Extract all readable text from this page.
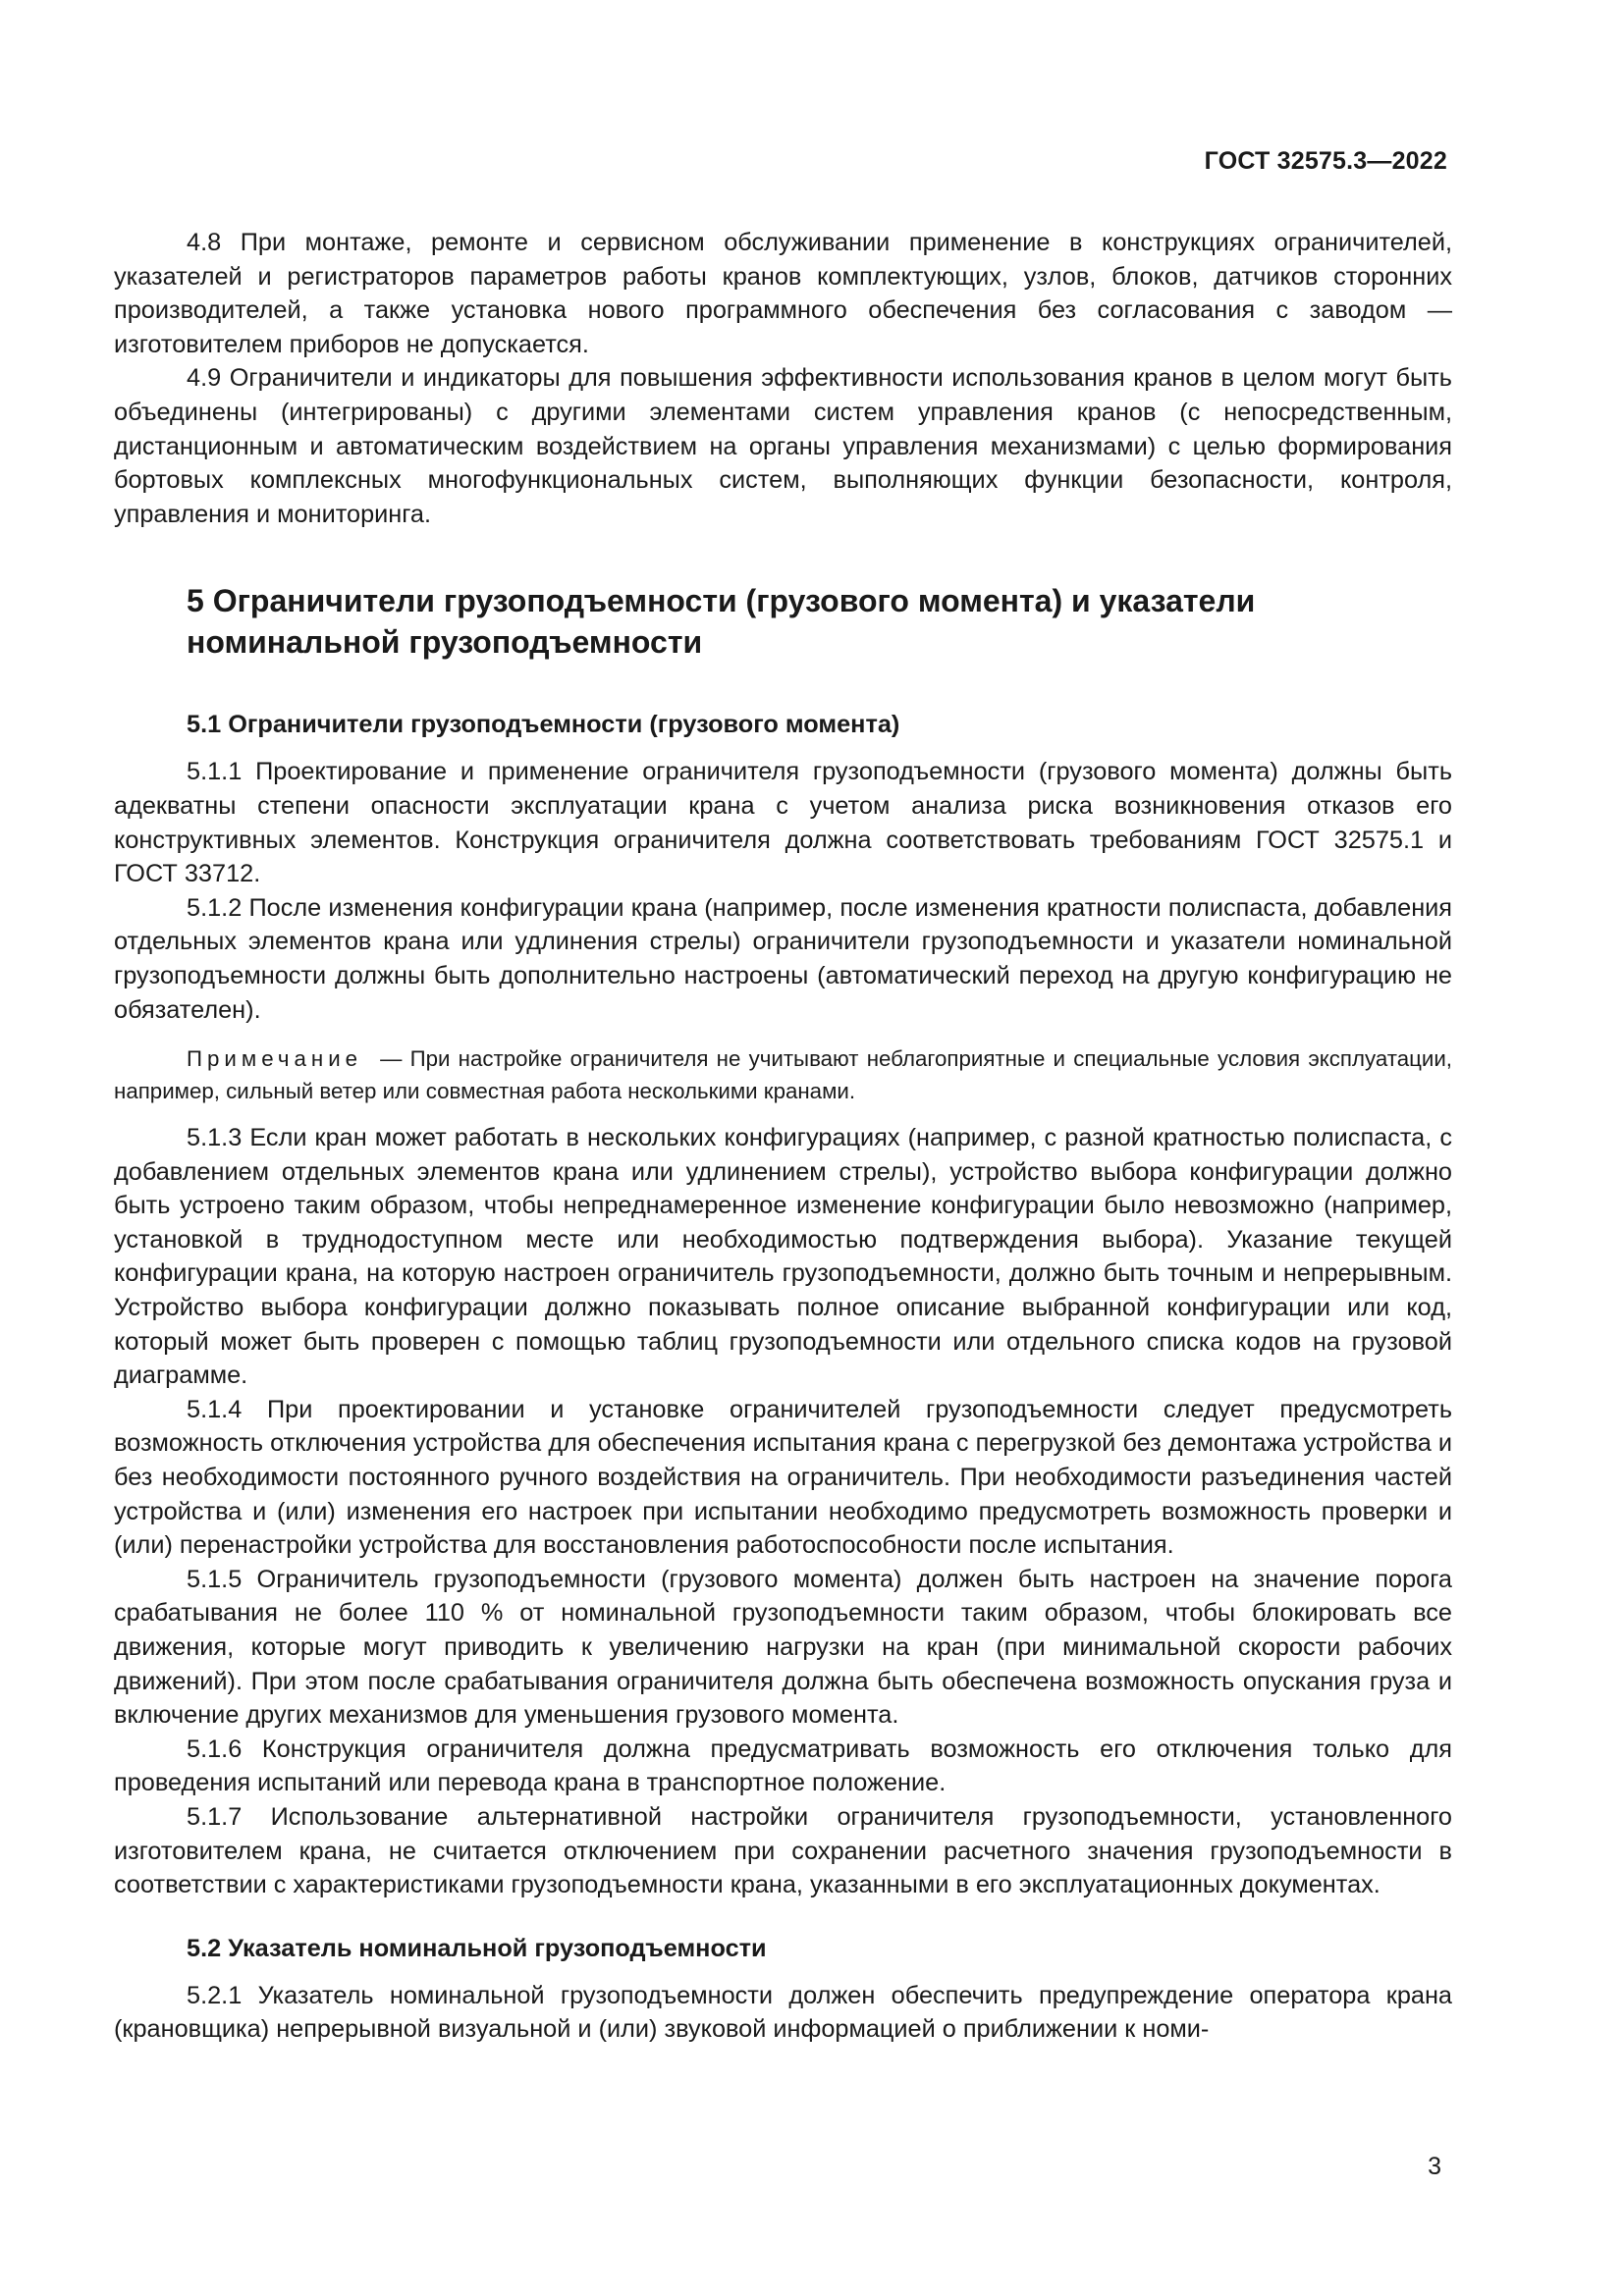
ГОСТ 32575.3—2022

4.8 При монтаже, ремонте и сервисном обслуживании применение в конструкциях ограничителей, указателей и регистраторов параметров работы кранов комплектующих, узлов, блоков, датчиков сторонних производителей, а также установка нового программного обеспечения без согласования с заводом — изготовителем приборов не допускается.

4.9 Ограничители и индикаторы для повышения эффективности использования кранов в целом могут быть объединены (интегрированы) с другими элементами систем управления кранов (с непосредственным, дистанционным и автоматическим воздействием на органы управления механизмами) с целью формирования бортовых комплексных многофункциональных систем, выполняющих функции безопасности, контроля, управления и мониторинга.

5 Ограничители грузоподъемности (грузового момента) и указатели
номинальной грузоподъемности
5.1 Ограничители грузоподъемности (грузового момента)

5.1.1 Проектирование и применение ограничителя грузоподъемности (грузового момента) должны быть адекватны степени опасности эксплуатации крана с учетом анализа риска возникновения отказов его конструктивных элементов. Конструкция ограничителя должна соответствовать требованиям ГОСТ 32575.1 и ГОСТ 33712.

5.1.2 После изменения конфигурации крана (например, после изменения кратности полиспаста, добавления отдельных элементов крана или удлинения стрелы) ограничители грузоподъемности и указатели номинальной грузоподъемности должны быть дополнительно настроены (автоматический переход на другую конфигурацию не обязателен).

Примечание — При настройке ограничителя не учитывают неблагоприятные и специальные условия эксплуатации, например, сильный ветер или совместная работа несколькими кранами.

5.1.3 Если кран может работать в нескольких конфигурациях (например, с разной кратностью полиспаста, с добавлением отдельных элементов крана или удлинением стрелы), устройство выбора конфигурации должно быть устроено таким образом, чтобы непреднамеренное изменение конфигурации было невозможно (например, установкой в труднодоступном месте или необходимостью подтверждения выбора). Указание текущей конфигурации крана, на которую настроен ограничитель грузоподъемности, должно быть точным и непрерывным. Устройство выбора конфигурации должно показывать полное описание выбранной конфигурации или код, который может быть проверен с помощью таблиц грузоподъемности или отдельного списка кодов на грузовой диаграмме.

5.1.4 При проектировании и установке ограничителей грузоподъемности следует предусмотреть возможность отключения устройства для обеспечения испытания крана с перегрузкой без демонтажа устройства и без необходимости постоянного ручного воздействия на ограничитель. При необходимости разъединения частей устройства и (или) изменения его настроек при испытании необходимо предусмотреть возможность проверки и (или) перенастройки устройства для восстановления работоспособности после испытания.

5.1.5 Ограничитель грузоподъемности (грузового момента) должен быть настроен на значение порога срабатывания не более 110 % от номинальной грузоподъемности таким образом, чтобы блокировать все движения, которые могут приводить к увеличению нагрузки на кран (при минимальной скорости рабочих движений). При этом после срабатывания ограничителя должна быть обеспечена возможность опускания груза и включение других механизмов для уменьшения грузового момента.

5.1.6 Конструкция ограничителя должна предусматривать возможность его отключения только для проведения испытаний или перевода крана в транспортное положение.

5.1.7 Использование альтернативной настройки ограничителя грузоподъемности, установленного изготовителем крана, не считается отключением при сохранении расчетного значения грузоподъемности в соответствии с характеристиками грузоподъемности крана, указанными в его эксплуатационных документах.

5.2 Указатель номинальной грузоподъемности

5.2.1 Указатель номинальной грузоподъемности должен обеспечить предупреждение оператора крана (крановщика) непрерывной визуальной и (или) звуковой информацией о приближении к номи-

3
